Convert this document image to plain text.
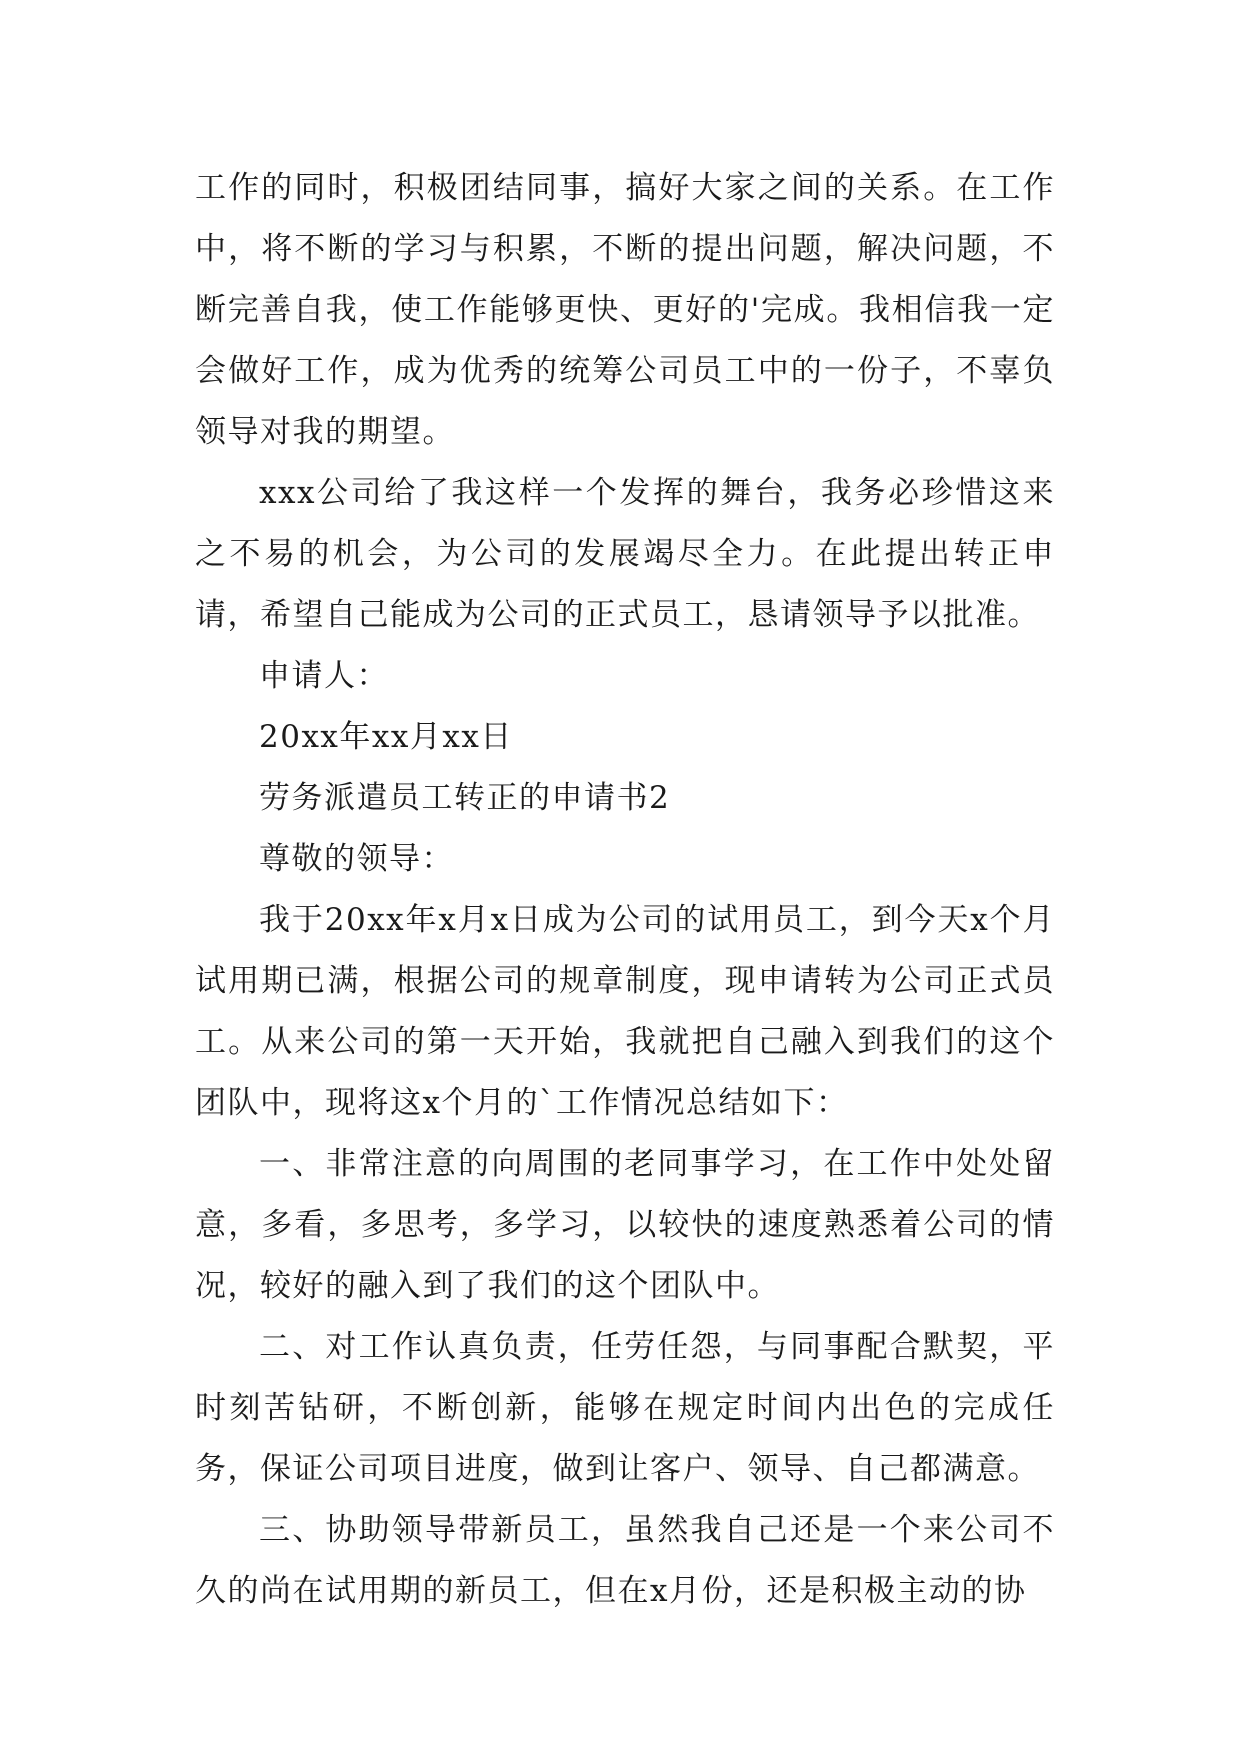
工作的同时，积极团结同事，搞好大家之间的关系。在工作中，将不断的学习与积累，不断的提出问题，解决问题，不断完善自我，使工作能够更快、更好的'完成。我相信我一定会做好工作，成为优秀的统筹公司员工中的一份子，不辜负领导对我的期望。

xxx公司给了我这样一个发挥的舞台，我务必珍惜这来之不易的机会，为公司的发展竭尽全力。在此提出转正申请，希望自己能成为公司的正式员工，恳请领导予以批准。

申请人：

20xx年xx月xx日

劳务派遣员工转正的申请书2

尊敬的领导：

我于20xx年x月x日成为公司的试用员工，到今天x个月试用期已满，根据公司的规章制度，现申请转为公司正式员工。从来公司的第一天开始，我就把自己融入到我们的这个团队中，现将这x个月的`工作情况总结如下：

一、非常注意的向周围的老同事学习，在工作中处处留意，多看，多思考，多学习，以较快的速度熟悉着公司的情况，较好的融入到了我们的这个团队中。

二、对工作认真负责，任劳任怨，与同事配合默契，平时刻苦钻研，不断创新，能够在规定时间内出色的完成任务，保证公司项目进度，做到让客户、领导、自己都满意。

三、协助领导带新员工，虽然我自己还是一个来公司不久的尚在试用期的新员工，但在x月份，还是积极主动的协
